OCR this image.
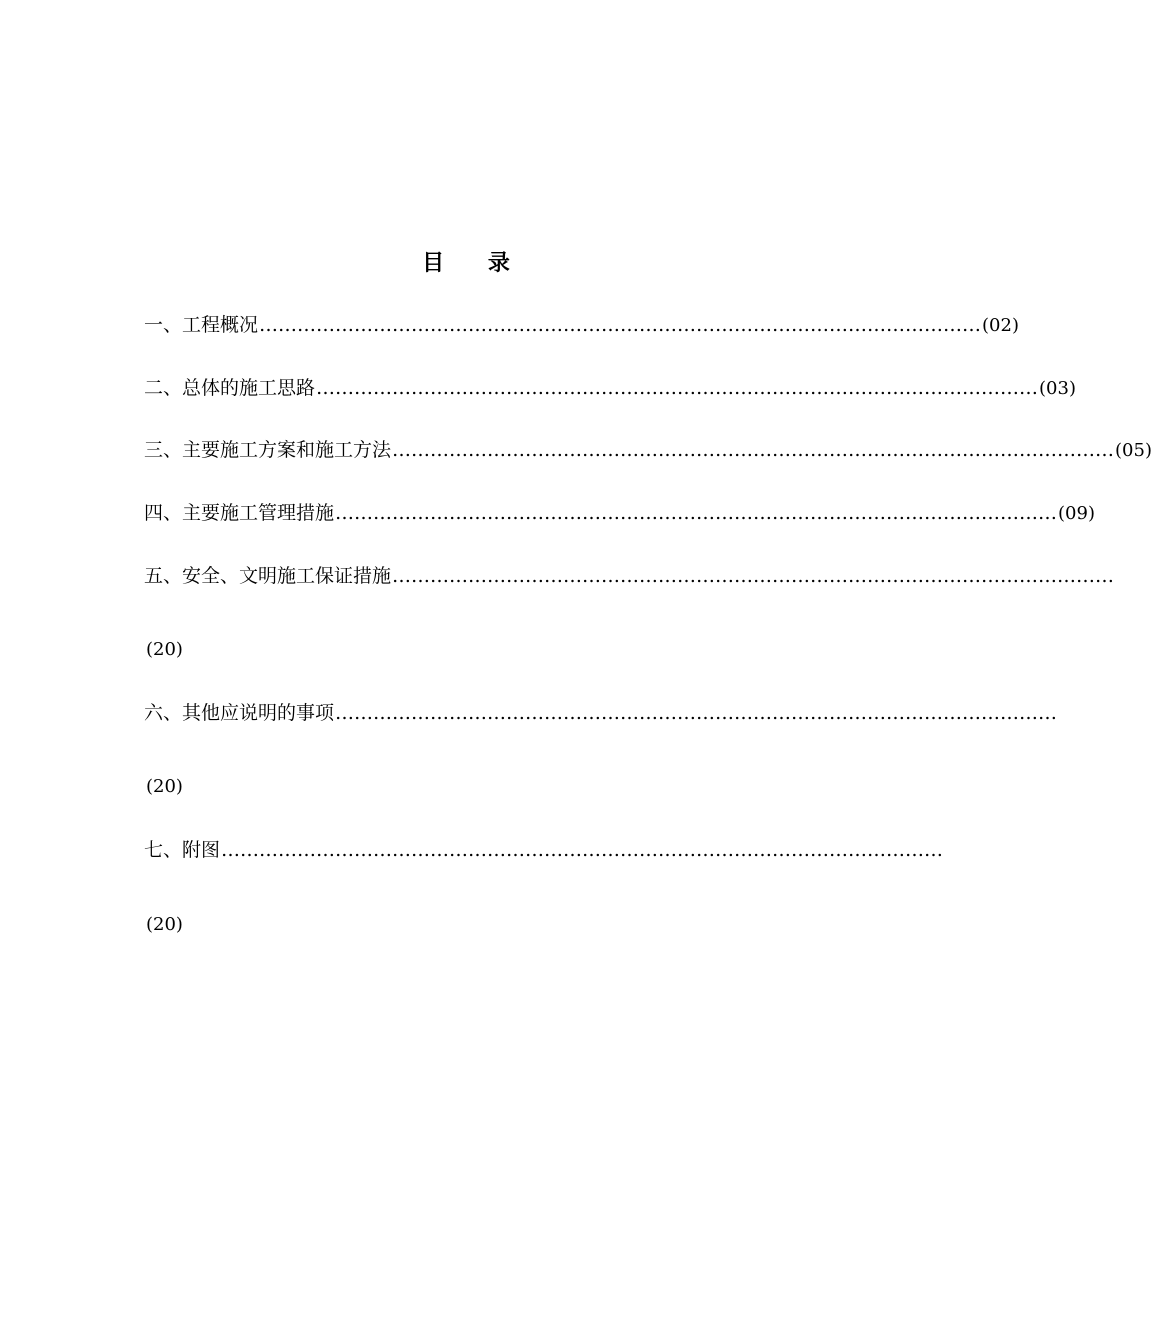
目 录
一、 工程概况 …………………………………………………………………………………………………… (02)
二、 总体的施工思路 …………………………………………………………………………………………………… (03)
三、 主要施工方案和施工方法 …………………………………………………………………………………………………… (05)
四、 主要施工管理措施 …………………………………………………………………………………………………… (09)
五、 安全、文明施工保证措施 ……………………………………………………………………………………………………
(20)
六、 其他应说明的事项 ……………………………………………………………………………………………………
(20)
七、 附图 ……………………………………………………………………………………………………
(20)
